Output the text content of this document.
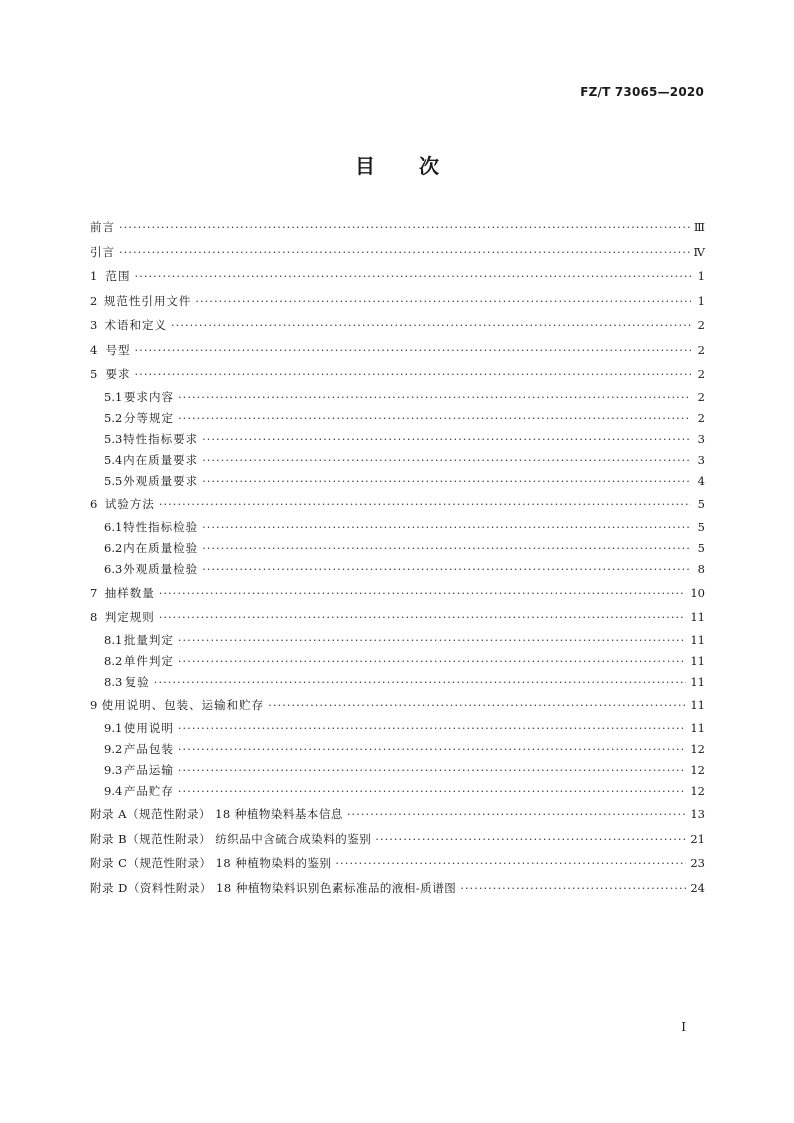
FZ/T 73065—2020
目次
前言 ·····	Ⅲ
引言 ·····	Ⅳ
1 范围 ·····	1
2 规范性引用文件 ·····	1
3 术语和定义 ·····	2
4 号型 ·····	2
5 要求 ·····	2
5.1 要求内容 ·····	2
5.2 分等规定 ·····	2
5.3 特性指标要求 ·····	3
5.4 内在质量要求 ·····	3
5.5 外观质量要求 ·····	4
6 试验方法 ·····	5
6.1 特性指标检验 ·····	5
6.2 内在质量检验 ·····	5
6.3 外观质量检验 ·····	8
7 抽样数量 ·····	10
8 判定规则 ·····	11
8.1 批量判定 ·····	11
8.2 单件判定 ·····	11
8.3 复验 ·····	11
9 使用说明、包装、运输和贮存 ·····	11
9.1 使用说明 ·····	11
9.2 产品包装 ·····	12
9.3 产品运输 ·····	12
9.4 产品贮存 ·····	12
附录 A（规范性附录） 18 种植物染料基本信息 ·····	13
附录 B（规范性附录） 纺织品中含硫合成染料的鉴别 ·····	21
附录 C（规范性附录） 18 种植物染料的鉴别 ·····	23
附录 D（资料性附录） 18 种植物染料识别色素标准品的液相-质谱图 ·····	24
I
